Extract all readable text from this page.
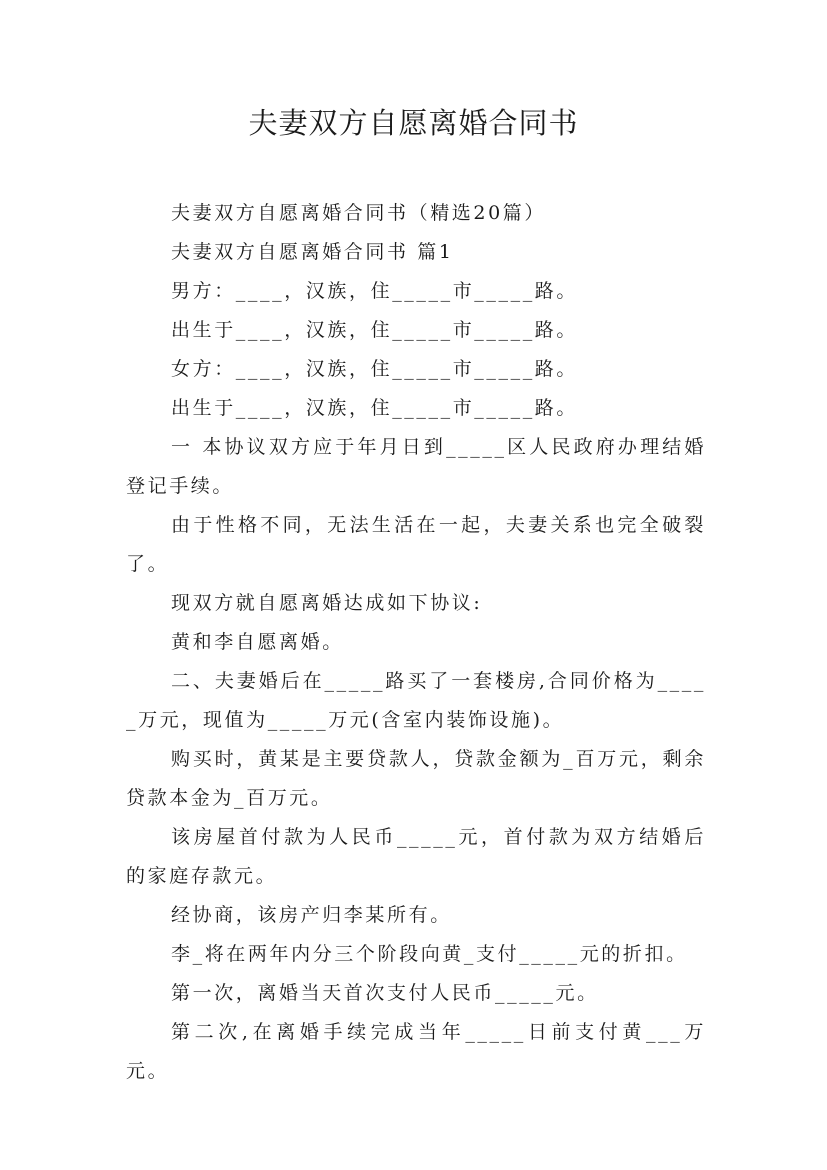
夫妻双方自愿离婚合同书

夫妻双方自愿离婚合同书（精选20篇）

夫妻双方自愿离婚合同书 篇1

男方：____，汉族，住_____市_____路。

出生于____，汉族，住_____市_____路。

女方：____，汉族，住_____市_____路。

出生于____，汉族，住_____市_____路。

一 本协议双方应于年月日到_____区人民政府办理结婚登记手续。

由于性格不同，无法生活在一起，夫妻关系也完全破裂了。

现双方就自愿离婚达成如下协议:

黄和李自愿离婚。

二、夫妻婚后在_____路买了一套楼房,合同价格为_____万元，现值为_____万元(含室内装饰设施)。

购买时，黄某是主要贷款人，贷款金额为_百万元，剩余贷款本金为_百万元。

该房屋首付款为人民币_____元，首付款为双方结婚后的家庭存款元。

经协商，该房产归李某所有。

李_将在两年内分三个阶段向黄_支付_____元的折扣。

第一次，离婚当天首次支付人民币_____元。

第二次,在离婚手续完成当年_____日前支付黄___万元。
